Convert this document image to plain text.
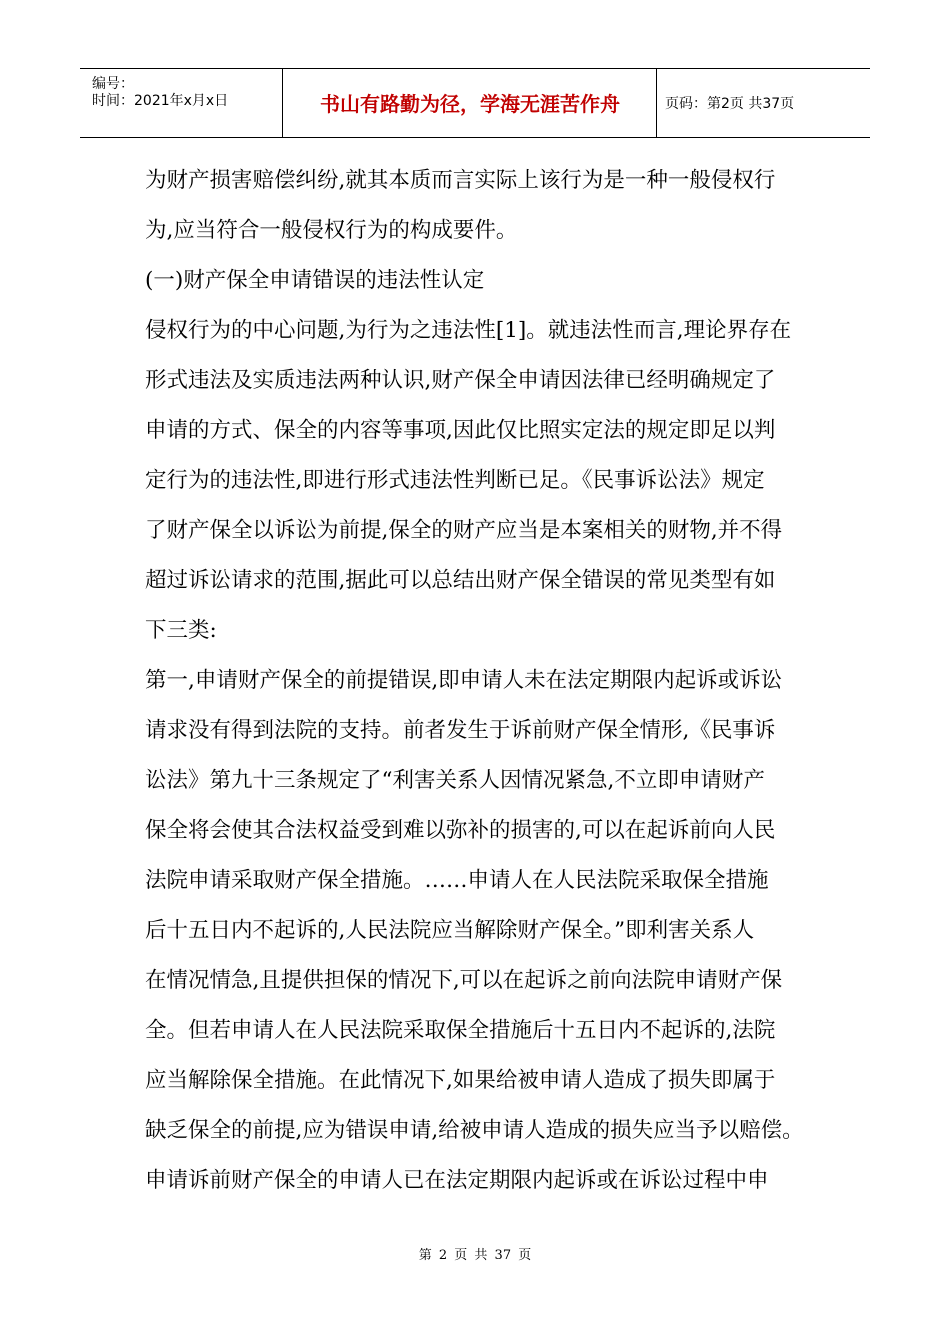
编号：
时间：2021年x月x日	书山有路勤为径，学海无涯苦作舟	页码：第2页 共37页
为财产损害赔偿纠纷,就其本质而言实际上该行为是一种一般侵权行
为,应当符合一般侵权行为的构成要件。
(一)财产保全申请错误的违法性认定
侵权行为的中心问题,为行为之违法性[1]。就违法性而言,理论界存在
形式违法及实质违法两种认识,财产保全申请因法律已经明确规定了
申请的方式、保全的内容等事项,因此仅比照实定法的规定即足以判
定行为的违法性,即进行形式违法性判断已足。《民事诉讼法》规定
了财产保全以诉讼为前提,保全的财产应当是本案相关的财物,并不得
超过诉讼请求的范围,据此可以总结出财产保全错误的常见类型有如
下三类:
第一,申请财产保全的前提错误,即申请人未在法定期限内起诉或诉讼
请求没有得到法院的支持。前者发生于诉前财产保全情形,《民事诉
讼法》第九十三条规定了“利害关系人因情况紧急,不立即申请财产
保全将会使其合法权益受到难以弥补的损害的,可以在起诉前向人民
法院申请采取财产保全措施。……申请人在人民法院采取保全措施
后十五日内不起诉的,人民法院应当解除财产保全。”即利害关系人
在情况情急,且提供担保的情况下,可以在起诉之前向法院申请财产保
全。但若申请人在人民法院采取保全措施后十五日内不起诉的,法院
应当解除保全措施。在此情况下,如果给被申请人造成了损失即属于
缺乏保全的前提,应为错误申请,给被申请人造成的损失应当予以赔偿。
申请诉前财产保全的申请人已在法定期限内起诉或在诉讼过程中申
第 2 页 共 37 页
